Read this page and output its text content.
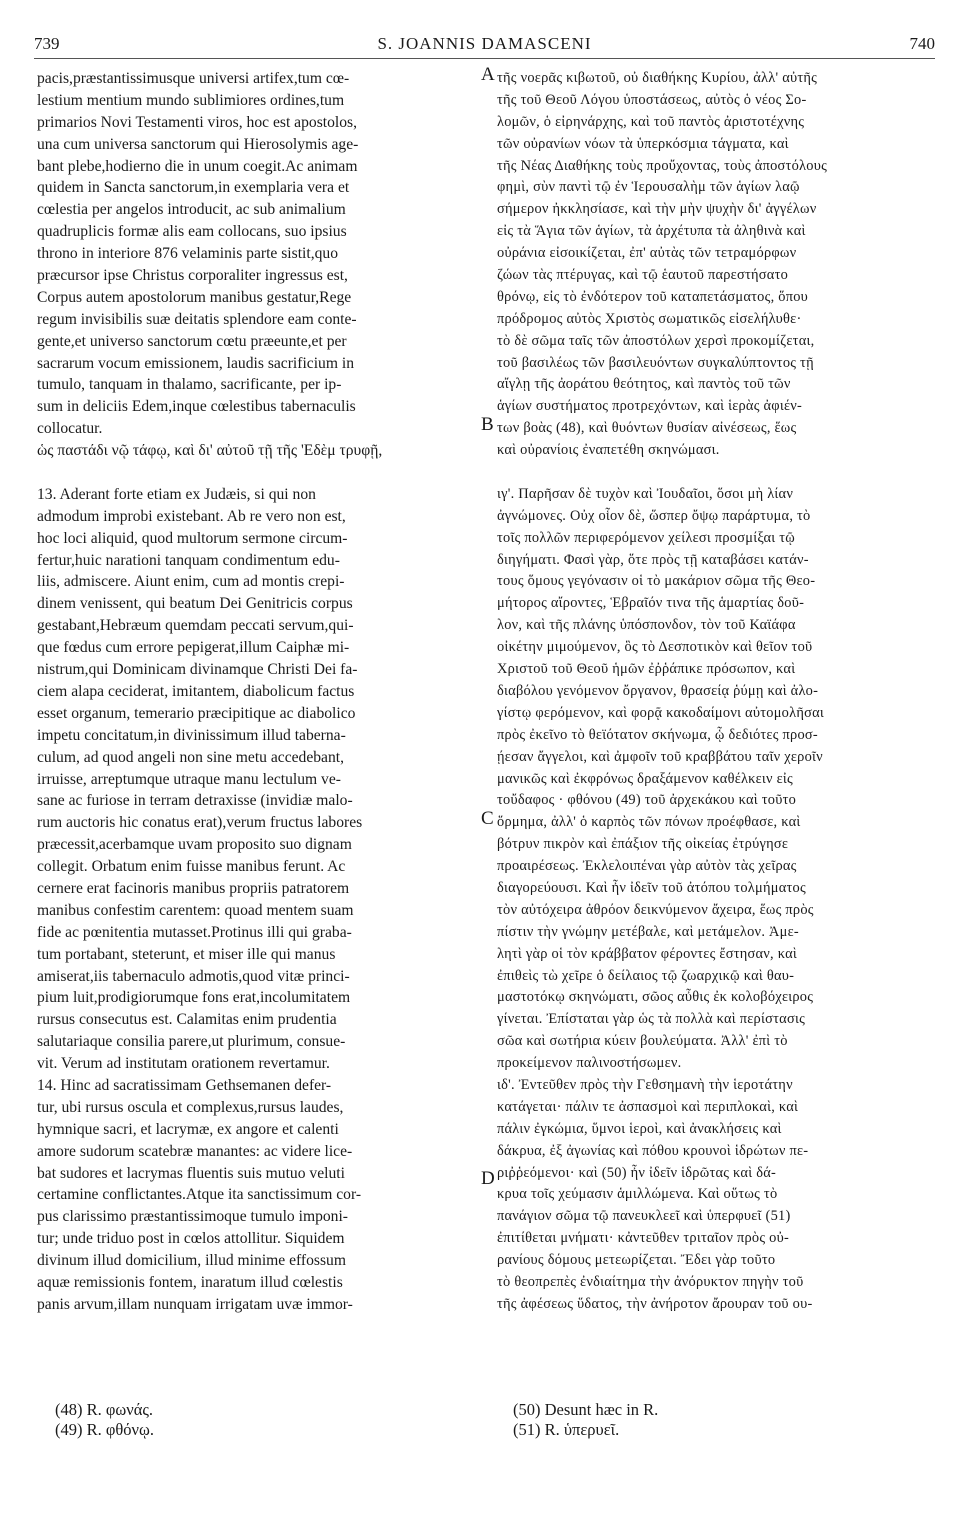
739	S. JOANNIS DAMASCENI	740
pacis,præstantissimusque universi artifex,tum cœ-
lestium mentium mundo sublimiores ordines,tum
primarios Novi Testamenti viros, hoc est apostolos,
una cum universa sanctorum qui Hierosolymis age-
bant plebe,hodierno die in unum coegit.Ac animam
quidem in Sancta sanctorum,in exemplaria vera et
cœlestia per angelos introducit, ac sub animalium
quadruplicis formæ alis eam collocans, suo ipsius
throno in interiore 876 velaminis parte sistit,quo
præcursor ipse Christus corporaliter ingressus est,
Corpus autem apostolorum manibus gestatur,Rege
regum invisibilis suæ deitatis splendore eam conte-
gente,et universo sanctorum cœtu præeunte,et per
sacrarum vocum emissionem, laudis sacrificium in
tumulo, tanquam in thalamo, sacrificante, per ip-
sum in deliciis Edem,inque cœlestibus tabernaculis
collocatur.
ὡς παστάδι νῷ τάφῳ, καὶ δι' αὐτοῦ τῇ τῆς 'Εδὲμ τρυφῇ,
13. Aderant forte etiam ex Judæis, si qui non
admodum improbi existebant. Ab re vero non est,
hoc loci aliquid, quod multorum sermone circum-
fertur,huic narationi tanquam condimentum edu-
liis, admiscere. Aiunt enim, cum ad montis crepi-
dinem venissent, qui beatum Dei Genitricis corpus
gestabant,Hebræum quemdam peccati servum,qui-
que fœdus cum errore pepigerat,illum Caiphæ mi-
nistrum,qui Dominicam divinamque Christi Dei fa-
ciem alapa ceciderat, imitantem, diabolicum factus
esset organum, temerario præcipitique ac diabolico
impetu concitatum,in divinissimum illud taberna-
culum, ad quod angeli non sine metu accedebant,
irruisse, arreptumque utraque manu lectulum ve-
sane ac furiose in terram detraxisse (invidiæ malo-
rum auctoris hic conatus erat),verum fructus labores
præcessit,acerbamque uvam proposito suo dignam
collegit. Orbatum enim fuisse manibus ferunt. Ac
cernere erat facinoris manibus propriis patratorem
manibus confestim carentem: quoad mentem suam
fide ac pœnitentia mutasset.Protinus illi qui graba-
tum portabant, steterunt, et miser ille qui manus
amiserat,iis tabernaculo admotis,quod vitæ princi-
pium luit,prodigiorumque fons erat,incolumitatem
rursus consecutus est. Calamitas enim prudentia
salutariaque consilia parere,ut plurimum, consue-
vit. Verum ad institutam orationem revertamur.
14. Hinc ad sacratissimam Gethsemanen defer-
tur, ubi rursus oscula et complexus,rursus laudes,
hymnique sacri, et lacrymæ, ex angore et calenti
amore sudorum scatebræ manantes: ac videre lice-
bat sudores et lacrymas fluentis suis mutuo veluti
certamine conflictantes.Atque ita sanctissimum cor-
pus clarissimo præstantissimoque tumulo imponi-
tur; unde triduo post in cœlos attollitur. Siquidem
divinum illud domicilium, illud minime effossum
aquæ remissionis fontem, inaratum illud cœlestis
panis arvum,illam nunquam irrigatam uvæ immor-
τῆς νοερᾶς κιβωτοῦ, οὐ διαθήκης Κυρίου, ἀλλ' αὐτῆς
τῆς τοῦ Θεοῦ Λόγου ὑποστάσεως, αὐτὸς ὁ νέος Σο-
λομῶν, ὁ εἰρηνάρχης, καὶ τοῦ παντὸς ἀριστοτέχνης
τῶν οὐρανίων νόων τὰ ὑπερκόσμια τάγματα, καὶ
τῆς Νέας Διαθήκης τοὺς προὔχοντας, τοὺς ἀποστόλους
φημὶ, σὺν παντὶ τῷ ἐν Ἱερουσαλὴμ τῶν ἁγίων λαῷ
σήμερον ἠκκλησίασε, καὶ τὴν μὴν ψυχὴν δι' ἀγγέλων
εἰς τὰ Ἅγια τῶν ἁγίων, τὰ ἀρχέτυπα τὰ ἀληθινὰ καὶ
οὐράνια εἰσοικίζεται, ἐπ' αὐτὰς τῶν τετραμόρφων
ζώων τὰς πτέρυγας, καὶ τῷ ἑαυτοῦ παρεστήσατο
θρόνῳ, εἰς τὸ ἐνδότερον τοῦ καταπετάσματος, ὅπου
πρόδρομος αὐτὸς Χριστὸς σωματικῶς εἰσελήλυθε·
τὸ δὲ σῶμα ταῖς τῶν ἀποστόλων χερσὶ προκομίζεται,
τοῦ βασιλέως τῶν βασιλευόντων συγκαλύπτοντος τῇ
αἴγλῃ τῆς ἀοράτου θεότητος, καὶ παντὸς τοῦ τῶν
ἁγίων συστήματος προτρεχόντων, καὶ ἱερὰς ἀφιέν-
των βοὰς (48), καὶ θυόντων θυσίαν αἰνέσεως, ἕως
καὶ οὐρανίοις ἐναπετέθη σκηνώμασι.
ιγ'. Παρῆσαν δὲ τυχὸν καὶ Ἰουδαῖοι, ὅσοι μὴ λίαν
ἀγνώμονες. Οὐχ οἷον δὲ, ὥσπερ ὄψῳ παράρτυμα, τὸ
τοῖς πολλῶν περιφερόμενον χείλεσι προσμίξαι τῷ
διηγήματι. Φασὶ γὰρ, ὅτε πρὸς τῇ καταβάσει κατάν-
τους ὅμους γεγόνασιν οἱ τὸ μακάριον σῶμα τῆς Θεο-
μήτορος αἴροντες, Ἑβραῖόν τινα τῆς ἁμαρτίας δοῦ-
λον, καὶ τῆς πλάνης ὑπόσπονδον, τὸν τοῦ Καϊάφα
οἰκέτην μιμούμενον, ὃς τὸ Δεσποτικὸν καὶ θεῖον τοῦ
Χριστοῦ τοῦ Θεοῦ ἡμῶν ἐῤῥάπικε πρόσωπον, καὶ
διαβόλου γενόμενον ὄργανον, θρασείᾳ ῥύμῃ καὶ ἀλο-
γίστῳ φερόμενον, καὶ φορᾷ κακοδαίμονι αὐτομολῆσαι
πρὸς ἐκεῖνο τὸ θεϊότατον σκήνωμα, ᾧ δεδιότες προσ-
ῄεσαν ἄγγελοι, καὶ ἀμφοῖν τοῦ κραββάτου ταῖν χεροῖν
μανικῶς καὶ ἐκφρόνως δραξάμενον καθέλκειν εἰς
τοὔδαφος · φθόνου (49) τοῦ ἀρχεκάκου καὶ τοῦτο
ὅρμημα, ἀλλ' ὁ καρπὸς τῶν πόνων προέφθασε, καὶ
βότρυν πικρὸν καὶ ἐπάξιον τῆς οἰκείας ἐτρύγησε
προαιρέσεως. Ἐκλελοιπέναι γὰρ αὐτὸν τὰς χεῖρας
διαγορεύουσι. Καὶ ἦν ἰδεῖν τοῦ ἀτόπου τολμήματος
τὸν αὐτόχειρα ἀθρόον δεικνύμενον ἄχειρα, ἕως πρὸς
πίστιν τὴν γνώμην μετέβαλε, καὶ μετάμελον. Ἀμε-
λητὶ γὰρ οἱ τὸν κράββατον φέροντες ἔστησαν, καὶ
ἐπιθεὶς τὼ χεῖρε ὁ δείλαιος τῷ ζωαρχικῷ καὶ θαυ-
μαστοτόκῳ σκηνώματι, σῶος αὖθις ἐκ κολοβόχειρος
γίνεται. Ἐπίσταται γὰρ ὡς τὰ πολλὰ καὶ περίστασις
σῶα καὶ σωτήρια κύειν βουλεύματα. Ἀλλ' ἐπὶ τὸ
προκείμενον παλινοστήσωμεν.
ιδ'. Ἐντεῦθεν πρὸς τὴν Γεθσημανὴ τὴν ἱεροτάτην
κατάγεται· πάλιν τε ἀσπασμοὶ καὶ περιπλοκαὶ, καὶ
πάλιν ἐγκώμια, ὕμνοι ἱεροὶ, καὶ ἀνακλήσεις καὶ
δάκρυα, ἐξ ἀγωνίας καὶ πόθου κρουνοὶ ἱδρώτων πε-
ριῤῥεόμενοι· καὶ (50) ἦν ἰδεῖν ἱδρῶτας καὶ δά-
κρυα τοῖς χεύμασιν ἁμιλλώμενα. Καὶ οὕτως τὸ
πανάγιον σῶμα τῷ πανευκλεεῖ καὶ ὑπερφυεῖ (51)
ἐπιτίθεται μνήματι· κἀντεῦθεν τριταῖον πρὸς οὐ-
ρανίους δόμους μετεωρίζεται. Ἔδει γὰρ τοῦτο
τὸ θεοπρεπὲς ἐνδιαίτημα τὴν ἀνόρυκτον πηγὴν τοῦ
τῆς ἀφέσεως ὕδατος, τὴν ἀνήροτον ἄρουραν τοῦ ου-
A
B
C
D
(48) R. φωνάς.
(49) R. φθόνῳ.
(50) Desunt hæc in R.
(51) R. ὑπερυεῖ.
